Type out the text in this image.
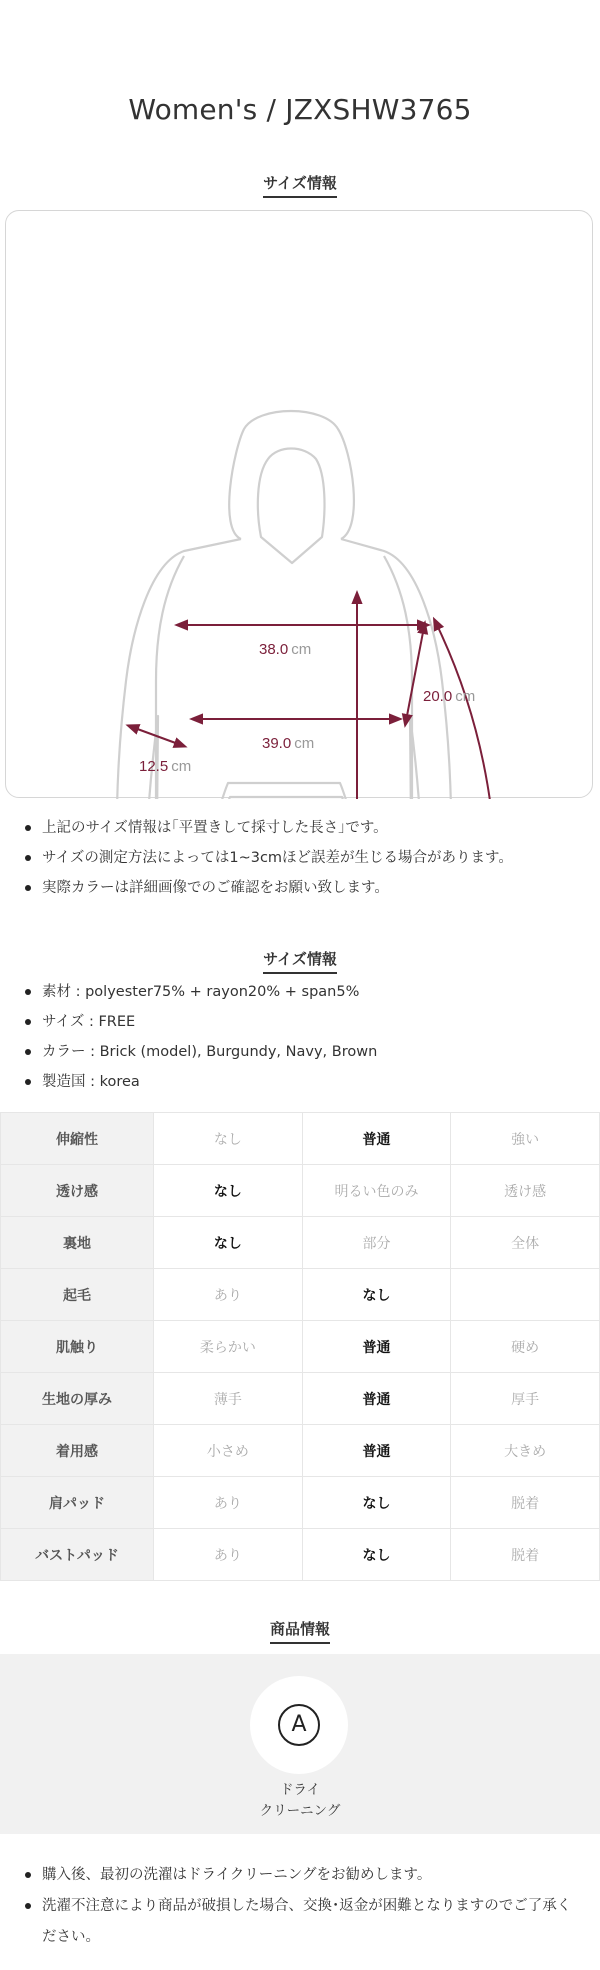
Women's / JZXSHW3765
サイズ情報
38.0 cm
20.0 cm
39.0 cm
12.5 cm
上記のサイズ情報は｢平置きして採寸した長さ｣です。
サイズの測定方法によっては1~3cmほど誤差が生じる場合があります。
実際カラーは詳細画像でのご確認をお願い致します。
サイズ情報
素材 : polyester75% + rayon20% + span5%
サイズ : FREE
カラー : Brick (model), Burgundy, Navy, Brown
製造国 : korea
伸縮性	なし	普通	強い
透け感	なし	明るい色のみ	透け感
裏地	なし	部分	全体
起毛	あり	なし	
肌触り	柔らかい	普通	硬め
生地の厚み	薄手	普通	厚手
着用感	小さめ	普通	大きめ
肩パッド	あり	なし	脱着
バストパッド	あり	なし	脱着
商品情報
A
ドライ
クリーニング
購入後、最初の洗濯はドライクリーニングをお勧めします。
洗濯不注意により商品が破損した場合、交換･返金が困難となりますのでご了承ください。
